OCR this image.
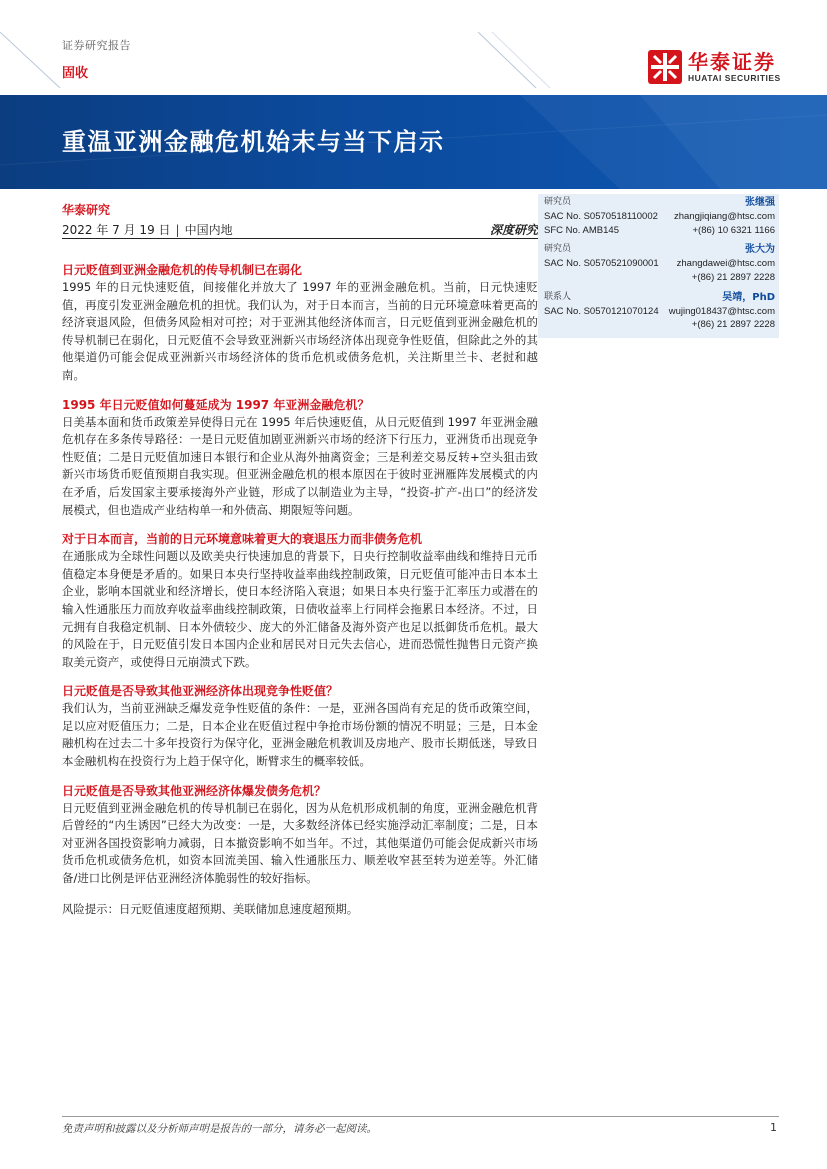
证券研究报告
固收	华泰证券
HUATAI SECURITIES
重温亚洲金融危机始末与当下启示
华泰研究
2022 年 7 月 19 日 | 中国内地	深度研究
日元贬值到亚洲金融危机的传导机制已在弱化
1995 年的日元快速贬值，间接催化并放大了 1997 年的亚洲金融危机。当前，日元快速贬值，再度引发亚洲金融危机的担忧。我们认为，对于日本而言，当前的日元环境意味着更高的经济衰退风险，但债务风险相对可控；对于亚洲其他经济体而言，日元贬值到亚洲金融危机的传导机制已在弱化，日元贬值不会导致亚洲新兴市场经济体出现竞争性贬值，但除此之外的其他渠道仍可能会促成亚洲新兴市场经济体的货币危机或债务危机，关注斯里兰卡、老挝和越南。
1995 年日元贬值如何蔓延成为 1997 年亚洲金融危机？
日美基本面和货币政策差异使得日元在 1995 年后快速贬值，从日元贬值到 1997 年亚洲金融危机存在多条传导路径：一是日元贬值加剧亚洲新兴市场的经济下行压力，亚洲货币出现竞争性贬值；二是日元贬值加速日本银行和企业从海外抽离资金；三是利差交易反转+空头狙击致新兴市场货币贬值预期自我实现。但亚洲金融危机的根本原因在于彼时亚洲雁阵发展模式的内在矛盾，后发国家主要承接海外产业链，形成了以制造业为主导，“投资-扩产-出口”的经济发展模式，但也造成产业结构单一和外债高、期限短等问题。
对于日本而言，当前的日元环境意味着更大的衰退压力而非债务危机
在通胀成为全球性问题以及欧美央行快速加息的背景下，日央行控制收益率曲线和维持日元币值稳定本身便是矛盾的。如果日本央行坚持收益率曲线控制政策，日元贬值可能冲击日本本土企业，影响本国就业和经济增长，使日本经济陷入衰退；如果日本央行鉴于汇率压力或潜在的输入性通胀压力而放弃收益率曲线控制政策，日债收益率上行同样会拖累日本经济。不过，日元拥有自我稳定机制、日本外债较少、庞大的外汇储备及海外资产也足以抵御货币危机。最大的风险在于，日元贬值引发日本国内企业和居民对日元失去信心，进而恐慌性抛售日元资产换取美元资产，或使得日元崩溃式下跌。
日元贬值是否导致其他亚洲经济体出现竞争性贬值？
我们认为，当前亚洲缺乏爆发竞争性贬值的条件：一是，亚洲各国尚有充足的货币政策空间，足以应对贬值压力；二是，日本企业在贬值过程中争抢市场份额的情况不明显；三是，日本金融机构在过去二十多年投资行为保守化，亚洲金融危机教训及房地产、股市长期低迷，导致日本金融机构在投资行为上趋于保守化，断臂求生的概率较低。
日元贬值是否导致其他亚洲经济体爆发债务危机？
日元贬值到亚洲金融危机的传导机制已在弱化，因为从危机形成机制的角度，亚洲金融危机背后曾经的“内生诱因”已经大为改变：一是，大多数经济体已经实施浮动汇率制度；二是，日本对亚洲各国投资影响力减弱，日本撤资影响不如当年。不过，其他渠道仍可能会促成新兴市场货币危机或债务危机，如资本回流美国、输入性通胀压力、顺差收窄甚至转为逆差等。外汇储备/进口比例是评估亚洲经济体脆弱性的较好指标。
风险提示：日元贬值速度超预期、美联储加息速度超预期。
研究员	张继强
SAC No. S0570518110002 zhangjiqiang@htsc.com
SFC No. AMB145	+(86) 10 6321 1166
研究员	张大为
SAC No. S0570521090001 zhangdawei@htsc.com
+(86) 21 2897 2228
联系人	吴靖，PhD
SAC No. S0570121070124 wujing018437@htsc.com
+(86) 21 2897 2228
免责声明和披露以及分析师声明是报告的一部分，请务必一起阅读。	1
